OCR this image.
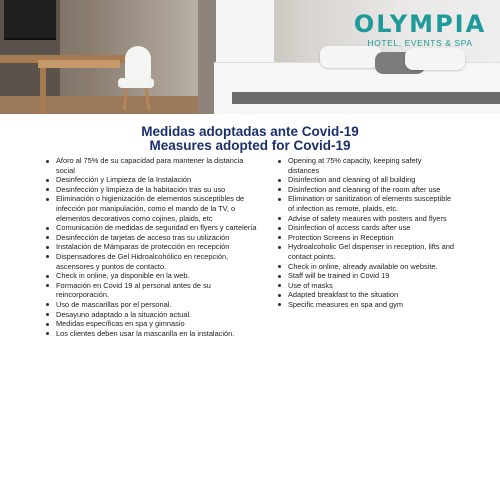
OLYMPIA
HOTEL, EVENTS & SPA
Medidas adoptadas ante Covid-19
Measures adopted for Covid-19
Aforo al 75% de su capacidad para mantener la distancia social
Desinfección y Limpieza de la Instalación
Desinfección y limpieza de la habitación tras su uso
Eliminación o higienización de elementos susceptibles de infección por manipulación, como el mando de la TV, o elementos decorativos como cojines, plaids, etc
Comunicación de medidas de seguridad en flyers y cartelería
Desinfección de tarjetas de acceso tras su utilización
Instalación de Mámparas de protección en recepción
Dispensadores de Gel Hidroalcohólico en recepción, ascensores y puntos de contacto.
Check in online, ya disponible en la web.
Formación en Covid 19 al personal antes de su reincorporación.
Uso de mascarillas por el personal.
Desayuno adaptado a la situación actual.
Medidas específicas en spa y gimnasio
Los clientes deben usar la mascarilla en la instalación.
Opening at 75% capacity, keeping safety distances
Disinfection and cleaning of all building
Disinfection and cleaning of the room after use
Elimination or sanitization of elements susceptible of infection as remote, plaids, etc.
Advise of safety meaures with posters and flyers
Disinfection of access cards after use
Protection Screens in Reception
Hydroalcoholic Gel dispenser in reception, lifts and contact points.
Check in online, already available on website.
Staff will be trained in Covid 19
Use of masks
Adapted breakfast to the situation
Specific measures en spa and gym
